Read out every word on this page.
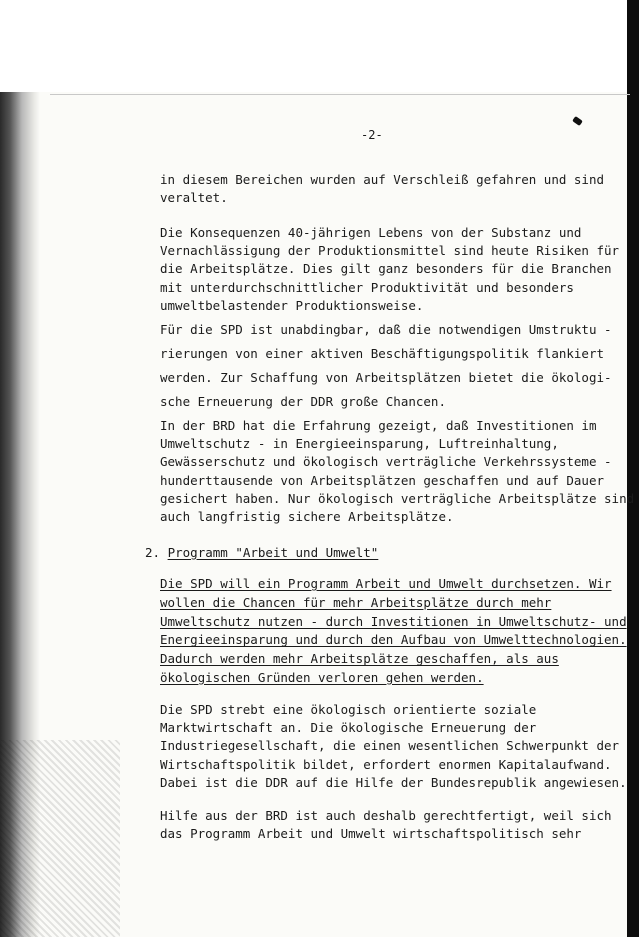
-2-

in diesem Bereichen wurden auf Verschleiß gefahren und sind

veraltet.

Die Konsequenzen 40-jährigen Lebens von der Substanz und

Vernachlässigung der Produktionsmittel sind heute Risiken für

die Arbeitsplätze. Dies gilt ganz besonders für die Branchen

mit unterdurchschnittlicher Produktivität und besonders

umweltbelastender Produktionsweise.

Für die SPD ist unabdingbar, daß die notwendigen Umstruktu -

rierungen von einer aktiven Beschäftigungspolitik flankiert

werden. Zur Schaffung von Arbeitsplätzen bietet die ökologi-

sche Erneuerung der DDR große Chancen.

In der BRD hat die Erfahrung gezeigt, daß Investitionen im

Umweltschutz - in Energieeinsparung, Luftreinhaltung,

Gewässerschutz und ökologisch verträgliche Verkehrssysteme -

hunderttausende von Arbeitsplätzen geschaffen und auf Dauer

gesichert haben. Nur ökologisch verträgliche Arbeitsplätze sind

auch langfristig sichere Arbeitsplätze.

2. Programm "Arbeit und Umwelt"

Die SPD will ein Programm Arbeit und Umwelt durchsetzen. Wir

wollen die Chancen für mehr Arbeitsplätze durch mehr

Umweltschutz nutzen - durch Investitionen in Umweltschutz- und

Energieeinsparung und durch den Aufbau von Umwelttechnologien.

Dadurch werden mehr Arbeitsplätze geschaffen, als aus

ökologischen Gründen verloren gehen werden.

Die SPD strebt eine ökologisch orientierte soziale

Marktwirtschaft an. Die ökologische Erneuerung der

Industriegesellschaft, die einen wesentlichen Schwerpunkt der

Wirtschaftspolitik bildet, erfordert enormen Kapitalaufwand.

Dabei ist die DDR auf die Hilfe der Bundesrepublik angewiesen.

Hilfe aus der BRD ist auch deshalb gerechtfertigt, weil sich

das Programm Arbeit und Umwelt wirtschaftspolitisch sehr
